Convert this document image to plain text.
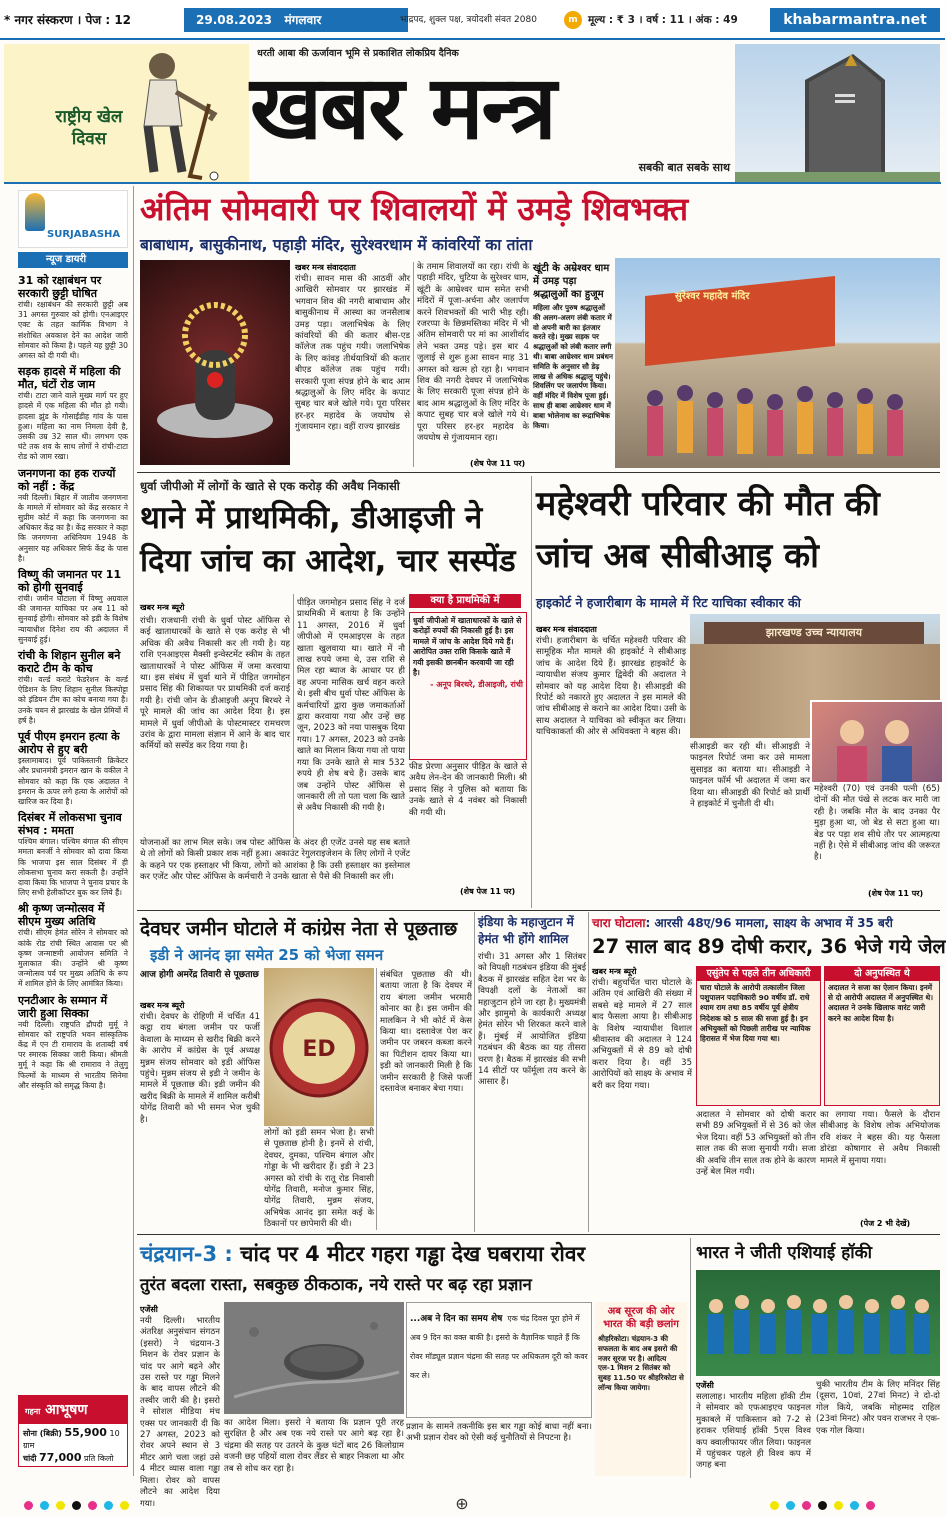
* नगर संस्करण । पेज : 12	29.08.2023 मंगलवार	भाद्रपद, शुक्ल पक्ष, त्रयोदशी संवत 2080	m मूल्य : ₹ 3 । वर्ष : 11 । अंक : 49	khabarmantra.net
राष्ट्रीय खेल दिवस
धरती आबा की ऊर्जावान भूमि से प्रकाशित लोकप्रिय दैनिक
खबर मन्त्र
सबकी बात सबके साथ
SURJABASHA
न्यूज डायरी
31 को रक्षाबंधन पर सरकारी छुट्टी घोषित
रांची। रक्षाबंधन की सरकारी छुट्टी अब 31 अगस्त गुरुवार को होगी। एनआइएर एक्ट के तहत कार्मिक विभाग ने संशोधित अवकाश देने का आदेश जारी सोमवार को किया है। पहले यह छुट्टी 30 अगस्त को दी गयी थी।
सड़क हादसे में महिला की मौत, घंटों रोड जाम
रांची। टाटा जाने वाले मुख्य मार्ग पर हुए हादसे में एक महिला की मौत हो गयी। हादसा झुंड के गोसाईंडीह गांव के पास हुआ। महिला का नाम निमला देवी है, उसकी उम्र 32 साल थी। लगभग एक घंटे तक शव के साथ लोगों ने रांची-टाटा रोड को जाम रखा।
जनगणना का हक राज्यों को नहीं : केंद्र
नयी दिल्ली। बिहार में जातीय जनगणना के मामले में सोमवार को केंद्र सरकार ने सुप्रीम कोर्ट में कहा कि जनगणना का अधिकार केंद्र का है। केंद्र सरकार ने कहा कि जनगणना अधिनियम 1948 के अनुसार यह अधिकार सिर्फ केंद्र के पास है।
विष्णु की जमानत पर 11 को होगी सुनवाई
रांची। जमीन घोटाला में विष्णु अग्रवाल की जमानत याचिका पर अब 11 को सुनवाई होगी। सोमवार को इडी के विशेष न्यायाधीश दिनेश राय की अदालत में सुनवाई हुई।
रांची के शिहान सुनील बने कराटे टीम के कोच
रांची। वर्ल्ड कराटे फेडरेशन के वर्ल्ड ऐडिशन के लिए शिहान सुनील किस्पोट्टा को इंडियन टीम का कोच बनाया गया है। उनके चयन से झारखंड के खेल प्रेमियों में हर्ष है।
पूर्व पीएम इमरान हत्या के आरोप से हुए बरी
इस्लामाबाद। पूर्व पाकिस्तानी क्रिकेटर और प्रधानमंत्री इमरान खान के वकील ने सोमवार को कहा कि एक अदालत ने इमरान के ऊपर लगे हत्या के आरोपों को खारिज कर दिया है।
दिसंबर में लोकसभा चुनाव संभव : ममता
पश्चिम बंगाल। पश्चिम बंगाल की सीएम ममता बनर्जी ने सोमवार को दावा किया कि भाजपा इस साल दिसंबर में ही लोकसभा चुनाव करा सकती है। उन्होंने दावा किया कि भाजपा ने चुनाव प्रचार के लिए सभी हेलीकॉप्टर बुक कर लिये हैं।
श्री कृष्ण जन्मोत्सव में सीएम मुख्य अतिथि
रांची। सीएम हेमंत सोरेन ने सोमवार को कांके रोड रांची स्थित आवास पर श्री कृष्ण जन्माष्टमी आयोजन समिति ने मुलाकात की। उन्होंने श्री कृष्ण जन्मोत्सव पर्व पर मुख्य अतिथि के रूप में शामिल होने के लिए आमंत्रित किया।
एनटीआर के सम्मान में जारी हुआ सिक्का
नयी दिल्ली। राष्ट्रपति द्रौपदी मुर्मू ने सोमवार को राष्ट्रपति भवन सांस्कृतिक केंद्र में एन टी रामाराव के शताब्दी वर्ष पर स्मारक सिक्का जारी किया। श्रीमती मुर्मू ने कहा कि श्री रामाराव ने तेलुगु फिल्मों के माध्यम से भारतीय सिनेमा और संस्कृति को समृद्ध किया है।
गहना आभूषण
सोना (बिक्री) 55,900 10 ग्राम
चांदी 77,000 प्रति किलो
अंतिम सोमवारी पर शिवालयों में उमड़े शिवभक्त
बाबाधाम, बासुकीनाथ, पहाड़ी मंदिर, सुरेश्वरधाम में कांवरियों का तांता
खबर मन्त्र संवाददाता
रांची। सावन मास की आठवीं और आखिरी सोमवार पर झारखंड में भगवान शिव की नगरी बाबाधाम और बासुकीनाथ में आस्था का जनसैलाब उमड़ पड़ा। जलाभिषेक के लिए कांवरियों की की कतार बीस-एड कॉलेज तक पहुंच गयी। जलाभिषेक के लिए कांवड़ तीर्थयात्रियों की कतार बीएड कॉलेज तक पहुंच गयी। सरकारी पूजा संपन्न होने के बाद आम श्रद्धालुओं के लिए मंदिर के कपाट सुबह चार बजे खोले गये। पूरा परिसर हर-हर महादेव के जयघोष से गुंजायमान रहा। वहीं राज्य झारखंड
के तमाम शिवालयों का रहा। रांची के पहाड़ी मंदिर, चुटिया के सुरेश्वर धाम, खूंटी के आम्रेश्वर धाम समेत सभी मंदिरों में पूजा-अर्चना और जलार्पण करने शिवभक्तों की भारी भीड़ रही। रजरप्पा के छिन्नमस्तिका मंदिर में भी अंतिम सोमवारी पर मां का आशीर्वाद लेने भक्त उमड़ पड़े। इस बार 4 जुलाई से शुरू हुआ सावन माह 31 अगस्त को खत्म हो रहा है। भगवान शिव की नगरी देवघर में जलाभिषेक के लिए सरकारी पूजा संपन्न होने के बाद आम श्रद्धालुओं के लिए मंदिर के कपाट सुबह चार बजे खोले गये थे। पूरा परिसर हर-हर महादेव के जयघोष से गुंजायमान रहा।
(शेष पेज 11 पर)
खूंटी के अम्रेश्वर धाम में उमड़ पड़ा श्रद्धालुओं का हुजूम
महिला और पुरुष श्रद्धालुओं की अलग-अलग लंबी कतार में वो अपनी बारी का इंतजार करते रहे। मुख्य सड़क पर श्रद्धालुओं को लंबी कतार लगी थी। बाबा आम्रेश्वर धाम प्रबंधन समिति के अनुसार सौ डेढ़ लाख से अधिक श्रद्धालु पहुंचे। शिवलिंग पर जलार्पण किया। वहीं मंदिर में विशेष पूजा हुई। साथ ही बाबा आम्रेश्वर धाम में बाबा भोलेनाथ का रूद्राभिषेक किया।
सुरेश्वर महादेव मंदिर
धुर्वा जीपीओ में लोगों के खाते से एक करोड़ की अवैध निकासी
थाने में प्राथमिकी, डीआइजी ने दिया जांच का आदेश, चार सस्पेंड
खबर मन्त्र ब्यूरो
रांची। राजधानी रांची के धुर्वा पोस्ट ऑफिस से कई खाताधारकों के खाते से एक करोड़ से भी अधिक की अवैध निकासी कर ली गयी है। यह राशि एनआइएस मैक्सी इन्वेस्टमेंट स्कीम के तहत खाताधारकों ने पोस्ट ऑफिस में जमा करवाया था। इस संबंध में धुर्वा थाने में पीड़ित जगमोहन प्रसाद सिंह की शिकायत पर प्राथमिकी दर्ज कराई गयी है। रांची जोन के डीआइजी अनूप बिरथरे ने पूरे मामले की जांच का आदेश दिया है। इस मामले में धुर्वा जीपीओ के पोस्टमास्टर रामचरण उरांव के द्वारा मामला संज्ञान में आने के बाद चार कर्मियों को सस्पेंड कर दिया गया है।
क्या है प्राथमिकी में
पीड़ित जगमोहन प्रसाद सिंह ने दर्ज प्राथमिकी में बताया है कि उन्होंने 11 अगस्त, 2016 में धुर्वा जीपीओ में एमआइएस के तहत खाता खुलवाया था। खाते में नौ लाख रुपये जमा थे, उस राशि से मिल रहा ब्याज के आधार पर ही वह अपना मासिक खर्च वहन करते थे। इसी बीच धुर्वा पोस्ट ऑफिस के कर्मचारियों द्वारा कुछ जमाकर्ताओं द्वारा करवाया गया और उन्हें छह जून, 2023 को नया पासबुक दिया गया। 17 अगस्त, 2023 को उनके खाते का मिलान किया गया तो पाया गया कि उनके खाते से मात्र 532 रुपये ही शेष बचे हैं। उसके बाद जब उन्होंने पोस्ट ऑफिस से जानकारी ली तो पता चला कि खाते से अवैध निकासी की गयी है।
धुर्वा जीपीओ में खाताधारकों के खाते से करोड़ों रुपयों की निकासी हुई है। इस मामले में जांच के आदेश दिये गये हैं। आरोपित उक्त राशि किसके खाते में गयी इसकी छानबीन करवायी जा रही है।
- अनूप बिरथरे, डीआइजी, रांची
फीड प्रेरणा अनुसार पीड़ित के खाते से अवैध लेन-देन की जानकारी मिली। श्री प्रसाद सिंह ने पुलिस को बताया कि उनके खाते से 4 नवंबर को निकासी की गयी थी।
योजनाओं का लाभ मिल सके। जब पोस्ट ऑफिस के अंदर ही एजेंट उनसे यह सब बताते थे तो लोगों को किसी प्रकार शक नहीं हुआ। अकाउंट रेगुलराइजेशन के लिए लोगों ने एजेंट के कहने पर एक हस्ताक्षर भी किया, लोगों को आशंका है कि उसी हस्ताक्षर का इस्तेमाल कर एजेंट और पोस्ट ऑफिस के कर्मचारी ने उनके खाता से पैसे की निकासी कर ली।
(शेष पेज 11 पर)
महेश्वरी परिवार की मौत की जांच अब सीबीआइ को
हाइकोर्ट ने हजारीबाग के मामले में रिट याचिका स्वीकार की
खबर मन्त्र संवाददाता
रांची। हजारीबाग के चर्चित महेश्वरी परिवार की सामूहिक मौत मामले की हाइकोर्ट ने सीबीआइ जांच के आदेश दिये हैं। झारखंड हाइकोर्ट के न्यायाधीश संजय कुमार द्विवेदी की अदालत ने सोमवार को यह आदेश दिया है। सीआइडी की रिपोर्ट को नकारते हुए अदालत ने इस मामले की जांच सीबीआइ से कराने का आदेश दिया। उसी के साथ अदालत ने याचिका को स्वीकृत कर लिया। याचिकाकर्ता की ओर से अधिवक्ता ने बहस की।
झारखण्ड उच्च न्यायालय
सीआइडी कर रही थी। सीआइडी ने फाइनल रिपोर्ट जमा कर उसे मामला सुसाइड का बताया था। सीआइडी ने फाइनल फॉर्म भी अदालत में जमा कर दिया था। सीआइडी की रिपोर्ट को प्रार्थी ने हाइकोर्ट में चुनौती दी थी।
महेश्वरी (70) एवं उनकी पत्नी (65) दोनों की मौत पंखे से लटक कर मारी जा रही है। जबकि मौत के बाद उनका पैर मुड़ा हुआ था, जो बेड से सटा हुआ था। बेड पर पड़ा शव सीधे तौर पर आत्महत्या नहीं है। ऐसे में सीबीआइ जांच की जरूरत है।
(शेष पेज 11 पर)
देवघर जमीन घोटाले में कांग्रेस नेता से पूछताछ
इडी ने आनंद झा समेत 25 को भेजा समन
आज होगी अमरेंद्र तिवारी से पूछताछ
खबर मन्त्र ब्यूरो
रांची। देवघर के रोहिणी में चर्चित 41 कट्ठा राय बंगला जमीन पर फर्जी केवाला के माध्यम से खरीद बिक्री करने के आरोप में कांग्रेस के पूर्व अध्यक्ष मुन्नम संजय सोमवार को इडी ऑफिस पहुंचे। मुन्नम संजय से इडी ने जमीन के मामले में पूछताछ की। इडी जमीन की खरीद बिक्री के मामले में शामिल करीबी योगेंद्र तिवारी को भी समन भेज चुकी है।
ED
लोगों को इडी समन भेजा है। सभी से पूछताछ होनी है। इनमें से रांची, देवघर, दुमका, पश्चिम बंगाल और गोड्डा के भी खरीदार हैं। इडी ने 23 अगस्त को रांची के रातू रोड निवासी योगेंद्र तिवारी, मनोज कुमार सिंह, योगेंद्र तिवारी, मुन्नम संजय, अभिषेक आनंद झा समेत कई के ठिकानों पर छापेमारी की थी।
संबंधित पूछताछ की थी। बताया जाता है कि देवघर में राय बंगला जमीन भरमारी कोनार का है। इस जमीन की मालकिन ने भी कोर्ट में केस किया था। दस्तावेज पेश कर जमीन पर जबरन कब्जा करने का पिटीशन दायर किया था। इडी को जानकारी मिली है कि जमीन सरकारी है जिसे फर्जी दस्तावेज बनाकर बेचा गया।
इंडिया के महाजुटान में हेमंत भी होंगे शामिल
रांची। 31 अगस्त और 1 सितंबर को विपक्षी गठबंधन इंडिया की मुंबई बैठक में झारखंड सहित देश भर के विपक्षी दलों के नेताओं का महाजुटान होने जा रहा है। मुख्यमंत्री और झामुमो के कार्यकारी अध्यक्ष हेमंत सोरेन भी शिरकत करने वाले हैं। मुंबई में आयोजित इंडिया गठबंधन की बैठक का यह तीसरा चरण है। बैठक में झारखंड की सभी 14 सीटों पर फॉर्मूला तय करने के आसार हैं।
चारा घोटाला: आरसी 48ए/96 मामला, साक्ष्य के अभाव में 35 बरी
27 साल बाद 89 दोषी करार, 36 भेजे गये जेल
खबर मन्त्र ब्यूरो
रांची। बहुचर्चित चारा घोटाले के अंतिम एवं आखिरी की संख्या में सबसे बड़े मामले में 27 साल बाद फैसला आया है। सीबीआइ के विशेष न्यायाधीश विशाल श्रीवास्तव की अदालत ने 124 अभियुक्तों में से 89 को दोषी करार दिया है। वहीं 35 आरोपियों को साक्ष्य के अभाव में बरी कर दिया गया।
एसुंतेप से पहले तीन अधिकारी
चारा घोटाले के आरोपी तत्कालीन जिला पशुपालन पदाधिकारी 90 वर्षीय डॉ. राधे श्याम राम तथा 85 वर्षीय पूर्व क्षेत्रीय निदेशक को 5 साल की सजा हुई है। इन अभियुक्तों को पिछली तारीख पर न्यायिक हिरासत में भेज दिया गया था।
दो अनुपस्थित थे
अदालत ने सजा का ऐलान किया। इनमें से दो आरोपी अदालत में अनुपस्थित थे। अदालत ने उनके खिलाफ वारंट जारी करने का आदेश दिया है।
अदालत ने सोमवार को दोषी करार सभी 89 अभियुक्तों में से 36 को जेल भेज दिया। वहीं 53 अभियुक्तों को तीन साल तक की सजा सुनायी गयी। सजा की अवधि तीन साल तक होने के कारण उन्हें बेल मिल गयी।
का लगाया गया। फैसले के दौरान सीबीआइ के विशेष लोक अभियोजक रवि शंकर ने बहस की। यह फैसला डोरंडा कोषागार से अवैध निकासी मामले में सुनाया गया।
(पेज 2 भी देखें)
चंद्रयान-3 : चांद पर 4 मीटर गहरा गड्ढा देख घबराया रोवर
तुरंत बदला रास्ता, सबकुछ ठीकठाक, नये रास्ते पर बढ़ रहा प्रज्ञान
एजेंसी
नयी दिल्ली। भारतीय अंतरिक्ष अनुसंधान संगठन (इसरो) ने चंद्रयान-3 मिशन के रोवर प्रज्ञान के चांद पर आगे बढ़ने और उस रास्ते पर गड्ढा मिलने के बाद वापस लौटने की तस्वीर जारी की है। इसरो ने सोशल मीडिया मंच एक्स पर जानकारी दी कि 27 अगस्त, 2023 को रोवर अपने स्थान से 3 मीटर आगे चला जहां उसे 4 मीटर व्यास वाला गड्ढा मिला। रोवर को वापस लौटने का आदेश दिया गया।
का आदेश मिला। इसरो ने बताया कि प्रज्ञान पूरी तरह सुरक्षित है और अब एक नये रास्ते पर आगे बढ़ रहा है। चंद्रमा की सतह पर उतरने के कुछ घंटों बाद 26 किलोग्राम वजनी छह पहियों वाला रोवर लैंडर से बाहर निकला था और तब से शोध कर रहा है।
...अब ने दिन का समय शेष एक चंद्र दिवस पूरा होने में अब 9 दिन का वक्त बाकी है। इसरो के वैज्ञानिक चाहते हैं कि रोवर मॉड्यूल प्रज्ञान चंद्रमा की सतह पर अधिकतम दूरी को कवर कर ले।
प्रज्ञान के सामने तकनीकि इस बार गड्ढा कोई बाधा नहीं बना। अभी प्रज्ञान रोवर को ऐसी कई चुनौतियों से निपटना है।
अब सूरज की ओर भारत की बड़ी छलांग
श्रीहरिकोटा। चंद्रयान-3 की सफलता के बाद अब इसरो की नजर सूरज पर है। आदित्य एल-1 मिशन 2 सितंबर को सुबह 11.50 पर श्रीहरिकोटा से लॉन्च किया जायेगा।
भारत ने जीती एशियाई हॉकी
एजेंसी
सलालाह। भारतीय महिला हॉकी टीम ने सोमवार को एफआइएच फाइनल मुकाबले में पाकिस्तान को 7-2 से हराकर एशियाई हॉकी 5एस विश्व कप क्वालीफायर जीत लिया। फाइनल में पहुंचकर पहले ही विश्व कप में जगह बना
चुकी भारतीय टीम के लिए मनिंदर सिंह (दूसरा, 10वां, 27वां मिनट) ने दो-दो गोल किये, जबकि मोहम्मद राहिल (23वां मिनट) और पवन राजभर ने एक-एक गोल किया।
⊕
